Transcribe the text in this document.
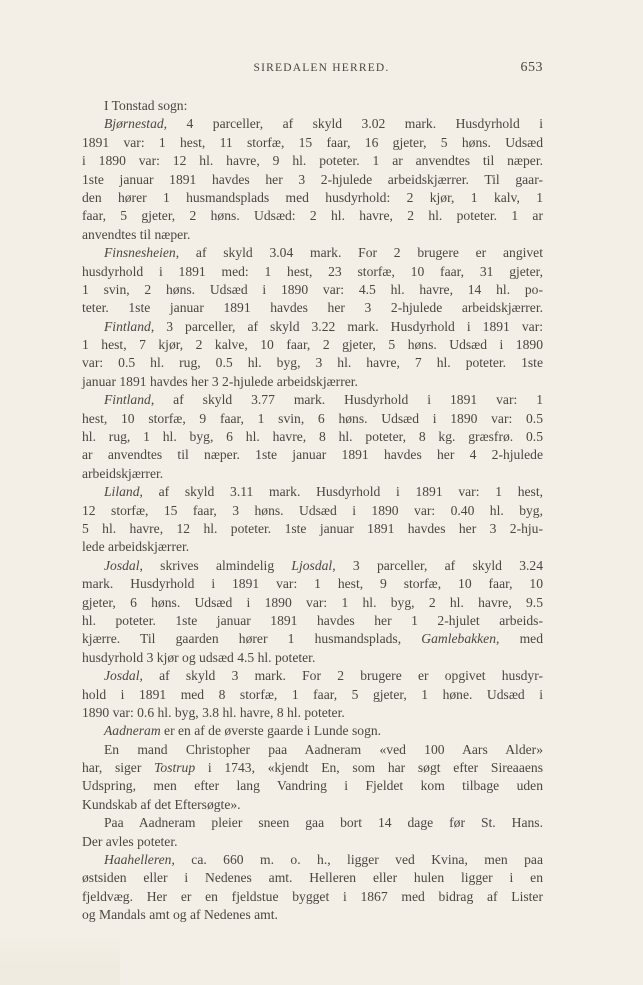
SIREDALEN HERRED.	653
I Tonstad sogn:
Bjørnestad, 4 parceller, af skyld 3.02 mark. Husdyrhold i
1891 var: 1 hest, 11 storfæ, 15 faar, 16 gjeter, 5 høns. Udsæd
i 1890 var: 12 hl. havre, 9 hl. poteter. 1 ar anvendtes til næper.
1ste januar 1891 havdes her 3 2-hjulede arbeidskjærrer. Til gaar-
den hører 1 husmandsplads med husdyrhold: 2 kjør, 1 kalv, 1
faar, 5 gjeter, 2 høns. Udsæd: 2 hl. havre, 2 hl. poteter. 1 ar
anvendtes til næper.
Finsnesheien, af skyld 3.04 mark. For 2 brugere er angivet
husdyrhold i 1891 med: 1 hest, 23 storfæ, 10 faar, 31 gjeter,
1 svin, 2 høns. Udsæd i 1890 var: 4.5 hl. havre, 14 hl. po-
teter. 1ste januar 1891 havdes her 3 2-hjulede arbeidskjærrer.
Fintland, 3 parceller, af skyld 3.22 mark. Husdyrhold i 1891 var:
1 hest, 7 kjør, 2 kalve, 10 faar, 2 gjeter, 5 høns. Udsæd i 1890
var: 0.5 hl. rug, 0.5 hl. byg, 3 hl. havre, 7 hl. poteter. 1ste
januar 1891 havdes her 3 2-hjulede arbeidskjærrer.
Fintland, af skyld 3.77 mark. Husdyrhold i 1891 var: 1
hest, 10 storfæ, 9 faar, 1 svin, 6 høns. Udsæd i 1890 var: 0.5
hl. rug, 1 hl. byg, 6 hl. havre, 8 hl. poteter, 8 kg. græsfrø. 0.5
ar anvendtes til næper. 1ste januar 1891 havdes her 4 2-hjulede
arbeidskjærrer.
Liland, af skyld 3.11 mark. Husdyrhold i 1891 var: 1 hest,
12 storfæ, 15 faar, 3 høns. Udsæd i 1890 var: 0.40 hl. byg,
5 hl. havre, 12 hl. poteter. 1ste januar 1891 havdes her 3 2-hju-
lede arbeidskjærrer.
Josdal, skrives almindelig Ljosdal, 3 parceller, af skyld 3.24
mark. Husdyrhold i 1891 var: 1 hest, 9 storfæ, 10 faar, 10
gjeter, 6 høns. Udsæd i 1890 var: 1 hl. byg, 2 hl. havre, 9.5
hl. poteter. 1ste januar 1891 havdes her 1 2-hjulet arbeids-
kjærre. Til gaarden hører 1 husmandsplads, Gamlebakken, med
husdyrhold 3 kjør og udsæd 4.5 hl. poteter.
Josdal, af skyld 3 mark. For 2 brugere er opgivet husdyr-
hold i 1891 med 8 storfæ, 1 faar, 5 gjeter, 1 høne. Udsæd i
1890 var: 0.6 hl. byg, 3.8 hl. havre, 8 hl. poteter.
Aadneram er en af de øverste gaarde i Lunde sogn.
En mand Christopher paa Aadneram «ved 100 Aars Alder»
har, siger Tostrup i 1743, «kjendt En, som har søgt efter Sireaaens
Udspring, men efter lang Vandring i Fjeldet kom tilbage uden
Kundskab af det Eftersøgte».
Paa Aadneram pleier sneen gaa bort 14 dage før St. Hans.
Der avles poteter.
Haahelleren, ca. 660 m. o. h., ligger ved Kvina, men paa
østsiden eller i Nedenes amt. Helleren eller hulen ligger i en
fjeldvæg. Her er en fjeldstue bygget i 1867 med bidrag af Lister
og Mandals amt og af Nedenes amt.
